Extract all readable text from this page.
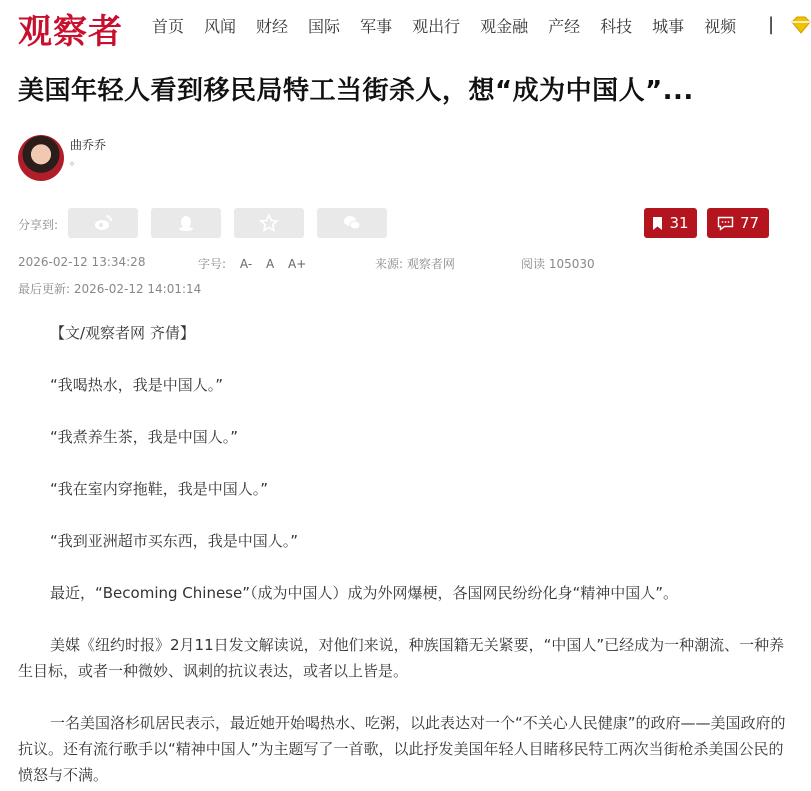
观察者 首页 风闻 财经 国际 军事 观出行 观金融 产经 科技 城事 视频 |
美国年轻人看到移民局特工当街杀人，想“成为中国人”...
曲乔乔
。
分享到:	31	77
2026-02-12 13:34:28	字号: A- A A+	来源: 观察者网	阅读 105030
最后更新: 2026-02-12 14:01:14

【文/观察者网 齐倩】

“我喝热水，我是中国人。”

“我煮养生茶，我是中国人。”

“我在室内穿拖鞋，我是中国人。”

“我到亚洲超市买东西，我是中国人。”

最近，“Becoming Chinese”（成为中国人）成为外网爆梗，各国网民纷纷化身“精神中国人”。

美媒《纽约时报》2月11日发文解读说，对他们来说，种族国籍无关紧要，“中国人”已经成为一种潮流、一种养生目标，或者一种微妙、讽刺的抗议表达，或者以上皆是。

一名美国洛杉矶居民表示，最近她开始喝热水、吃粥，以此表达对一个“不关心人民健康”的政府——美国政府的抗议。还有流行歌手以“精神中国人”为主题写了一首歌，以此抒发美国年轻人目睹移民特工两次当街枪杀美国公民的愤怒与不满。
